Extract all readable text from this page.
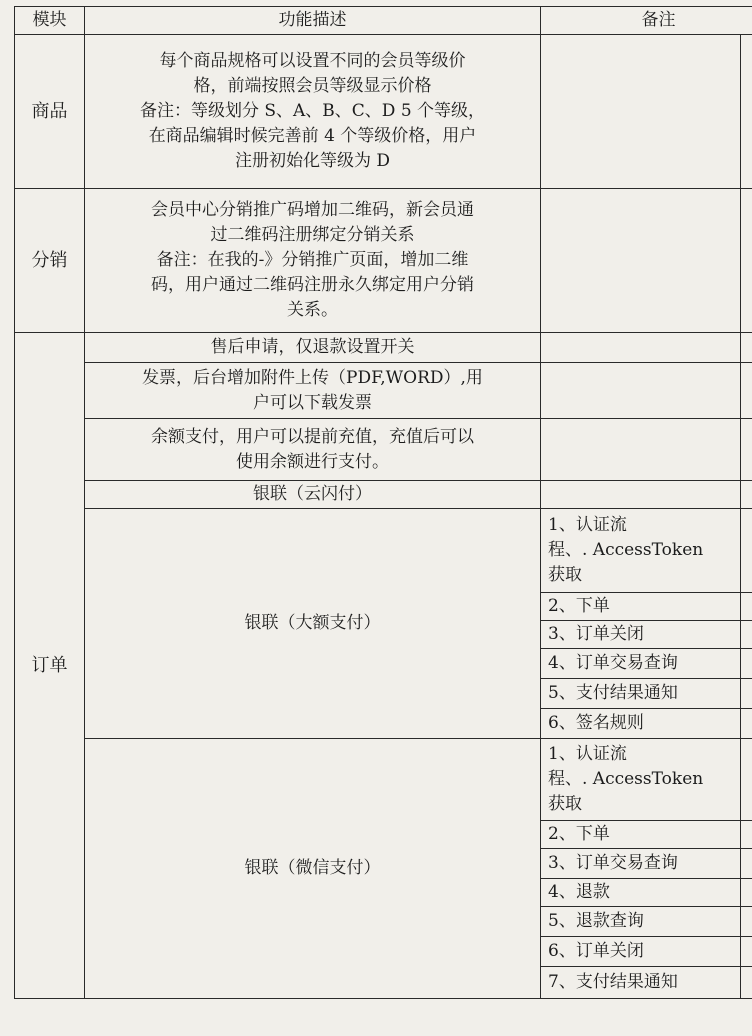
模块	功能描述	备注	
商品	每个商品规格可以设置不同的会员等级价
格，前端按照会员等级显示价格
备注：等级划分 S、A、B、C、D 5 个等级，
在商品编辑时候完善前 4 个等级价格，用户
注册初始化等级为 D		

分销	会员中心分销推广码增加二维码，新会员通
过二维码注册绑定分销关系
备注：在我的-》分销推广页面，增加二维
码，用户通过二维码注册永久绑定用户分销
关系。		

订单	售后申请，仅退款设置开关		

	发票，后台增加附件上传（PDF,WORD）,用
户可以下载发票		

	余额支付，用户可以提前充值，充值后可以
使用余额进行支付。		

	银联（云闪付）		
	银联（大额支付）	1、认证流
程、. AccessToken
获取	

		2、下单	
		3、订单关闭	
		4、订单交易查询	
		5、支付结果通知	
		6、签名规则	
	银联（微信支付）	1、认证流
程、. AccessToken
获取	

		2、下单	
		3、订单交易查询	
		4、退款	
		5、退款查询	
		6、订单关闭	
		7、支付结果通知	
